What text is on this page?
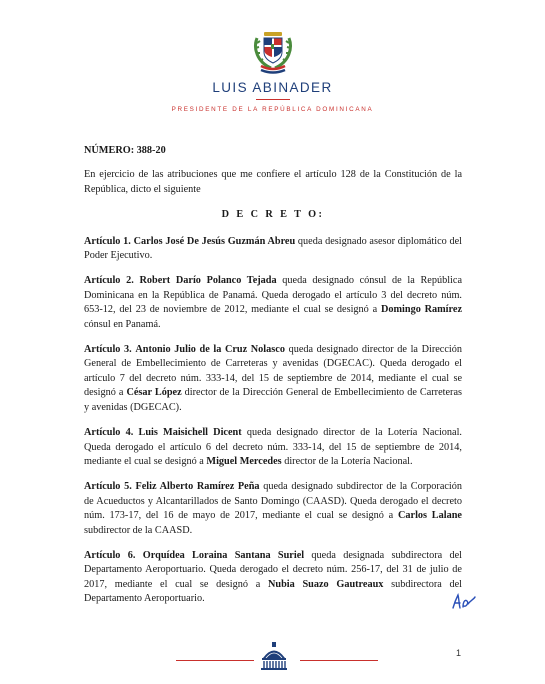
LUIS ABINADER
PRESIDENTE DE LA REPÚBLICA DOMINICANA
NÚMERO: 388-20

En ejercicio de las atribuciones que me confiere el artículo 128 de la Constitución de la República, dicto el siguiente

D E C R E T O:

Artículo 1. Carlos José De Jesús Guzmán Abreu queda designado asesor diplomático del Poder Ejecutivo.

Artículo 2. Robert Darío Polanco Tejada queda designado cónsul de la República Dominicana en la República de Panamá. Queda derogado el artículo 3 del decreto núm. 653-12, del 23 de noviembre de 2012, mediante el cual se designó a Domingo Ramírez cónsul en Panamá.

Artículo 3. Antonio Julio de la Cruz Nolasco queda designado director de la Dirección General de Embellecimiento de Carreteras y avenidas (DGECAC). Queda derogado el artículo 7 del decreto núm. 333-14, del 15 de septiembre de 2014, mediante el cual se designó a César López director de la Dirección General de Embellecimiento de Carreteras y avenidas (DGECAC).

Artículo 4. Luis Maisichell Dicent queda designado director de la Lotería Nacional. Queda derogado el artículo 6 del decreto núm. 333-14, del 15 de septiembre de 2014, mediante el cual se designó a Miguel Mercedes director de la Lotería Nacional.

Artículo 5. Feliz Alberto Ramírez Peña queda designado subdirector de la Corporación de Acueductos y Alcantarillados de Santo Domingo (CAASD). Queda derogado el decreto núm. 173-17, del 16 de mayo de 2017, mediante el cual se designó a Carlos Lalane subdirector de la CAASD.

Artículo 6. Orquídea Loraina Santana Suriel queda designada subdirectora del Departamento Aeroportuario. Queda derogado el decreto núm. 256-17, del 31 de julio de 2017, mediante el cual se designó a Nubia Suazo Gautreaux subdirectora del Departamento Aeroportuario.

1
